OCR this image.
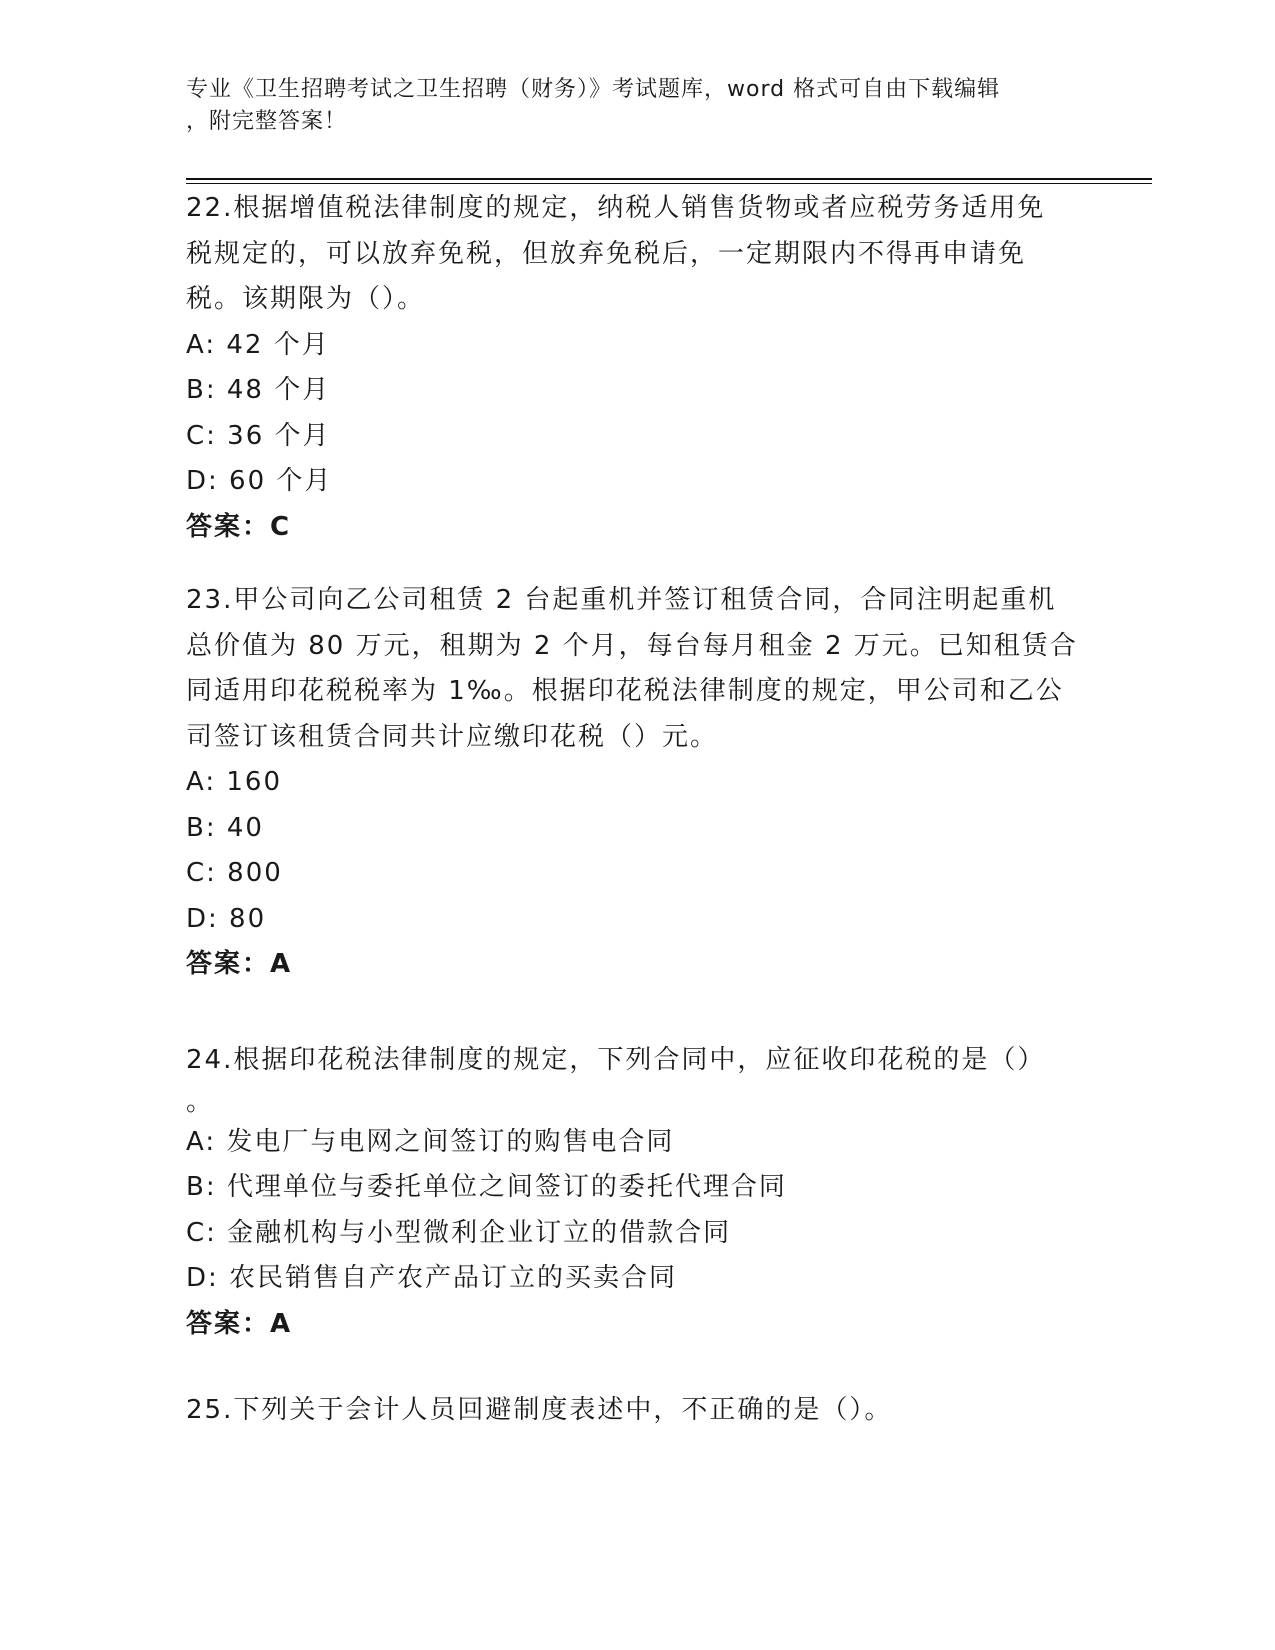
专业《卫生招聘考试之卫生招聘（财务）》考试题库，word 格式可自由下载编辑
，附完整答案！
22.根据增值税法律制度的规定，纳税人销售货物或者应税劳务适用免
税规定的，可以放弃免税，但放弃免税后，一定期限内不得再申请免
税。该期限为（）。
A: 42 个月
B: 48 个月
C: 36 个月
D: 60 个月
答案：C
23.甲公司向乙公司租赁 2 台起重机并签订租赁合同，合同注明起重机
总价值为 80 万元，租期为 2 个月，每台每月租金 2 万元。已知租赁合
同适用印花税税率为 1‰。根据印花税法律制度的规定，甲公司和乙公
司签订该租赁合同共计应缴印花税（）元。
A: 160
B: 40
C: 800
D: 80
答案：A
24.根据印花税法律制度的规定，下列合同中，应征收印花税的是（）
。
A: 发电厂与电网之间签订的购售电合同
B: 代理单位与委托单位之间签订的委托代理合同
C: 金融机构与小型微利企业订立的借款合同
D: 农民销售自产农产品订立的买卖合同
答案：A
25.下列关于会计人员回避制度表述中，不正确的是（）。
